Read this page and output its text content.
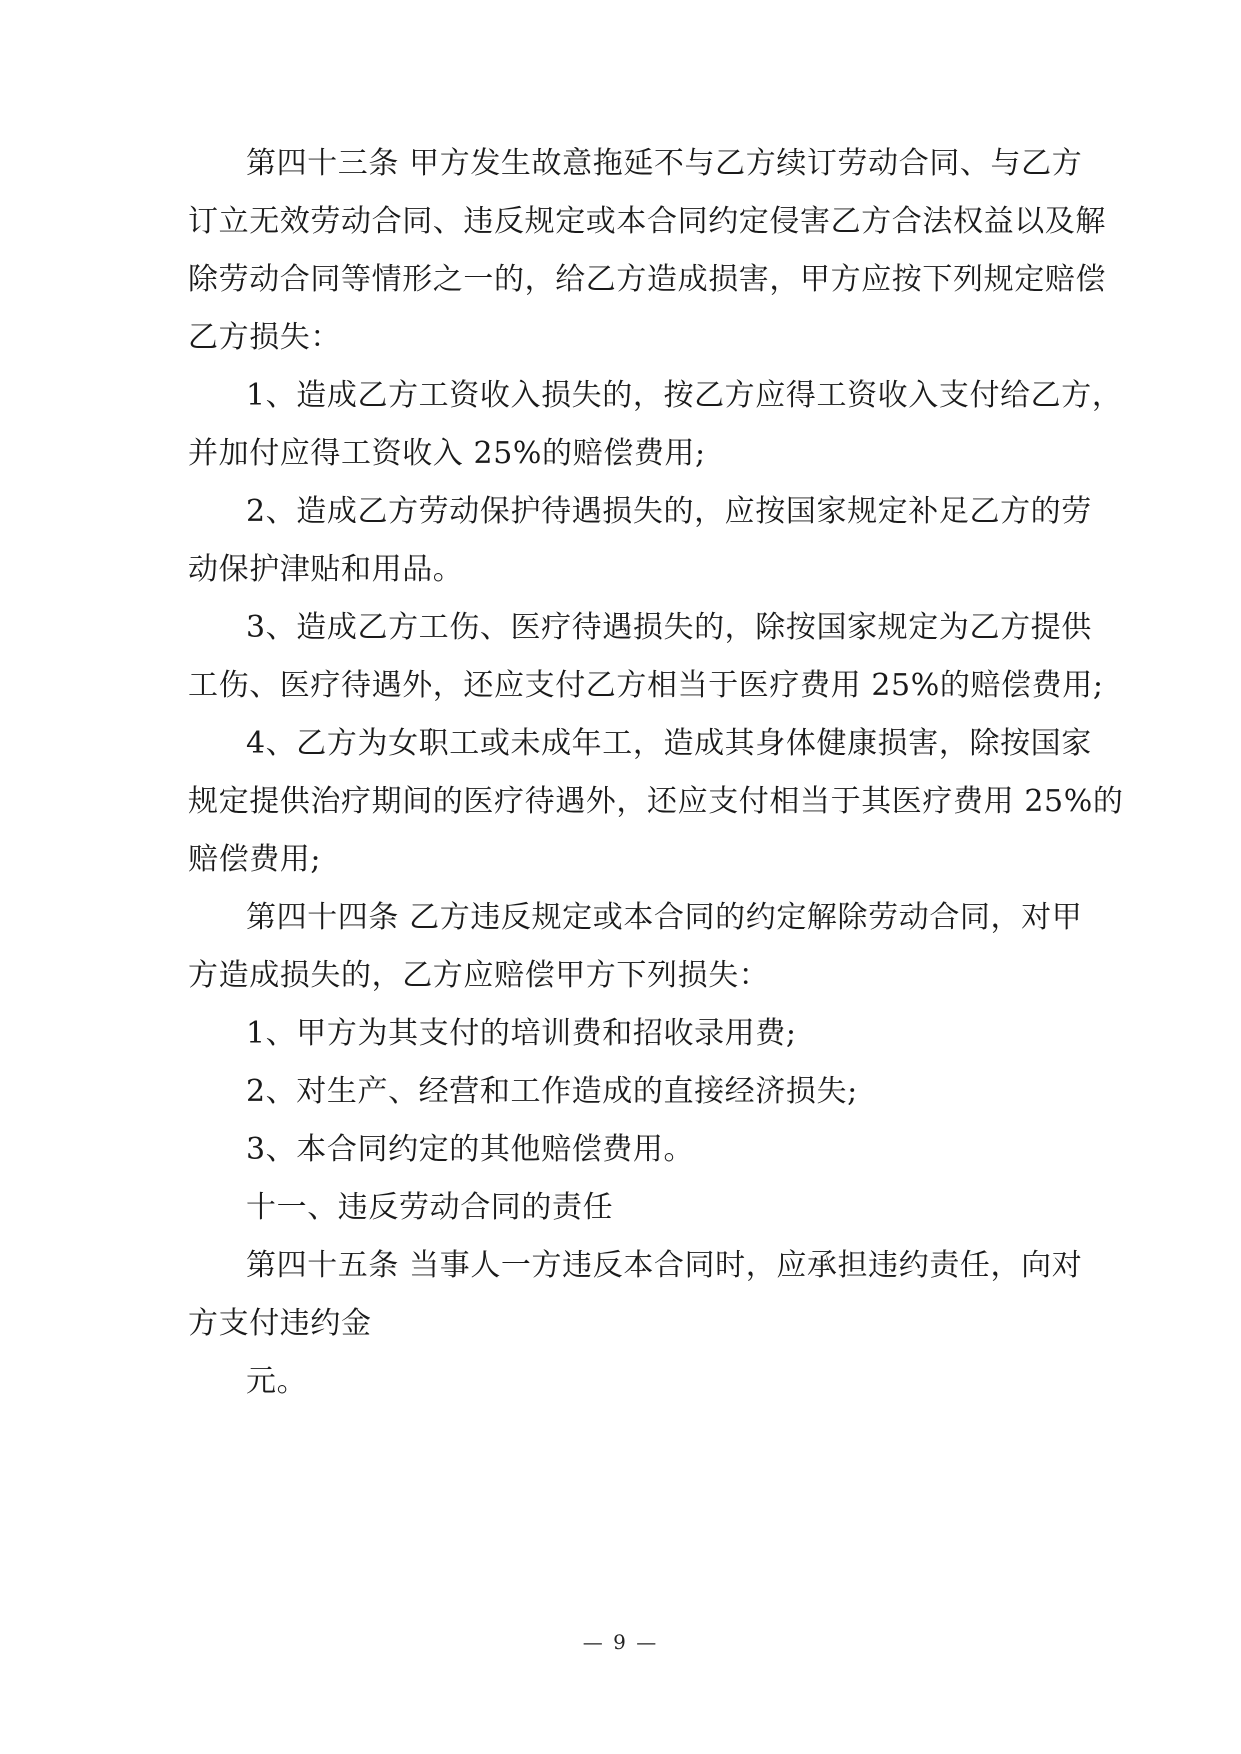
第四十三条 甲方发生故意拖延不与乙方续订劳动合同、与乙方
订立无效劳动合同、违反规定或本合同约定侵害乙方合法权益以及解
除劳动合同等情形之一的，给乙方造成损害，甲方应按下列规定赔偿
乙方损失：
1、造成乙方工资收入损失的，按乙方应得工资收入支付给乙方，
并加付应得工资收入 25%的赔偿费用;
2、造成乙方劳动保护待遇损失的，应按国家规定补足乙方的劳
动保护津贴和用品。
3、造成乙方工伤、医疗待遇损失的，除按国家规定为乙方提供
工伤、医疗待遇外，还应支付乙方相当于医疗费用 25%的赔偿费用;
4、乙方为女职工或未成年工，造成其身体健康损害，除按国家
规定提供治疗期间的医疗待遇外，还应支付相当于其医疗费用 25%的
赔偿费用;
第四十四条 乙方违反规定或本合同的约定解除劳动合同，对甲
方造成损失的，乙方应赔偿甲方下列损失：
1、甲方为其支付的培训费和招收录用费;
2、对生产、经营和工作造成的直接经济损失;
3、本合同约定的其他赔偿费用。
十一、违反劳动合同的责任
第四十五条 当事人一方违反本合同时，应承担违约责任，向对
方支付违约金
元。
— 9 —
